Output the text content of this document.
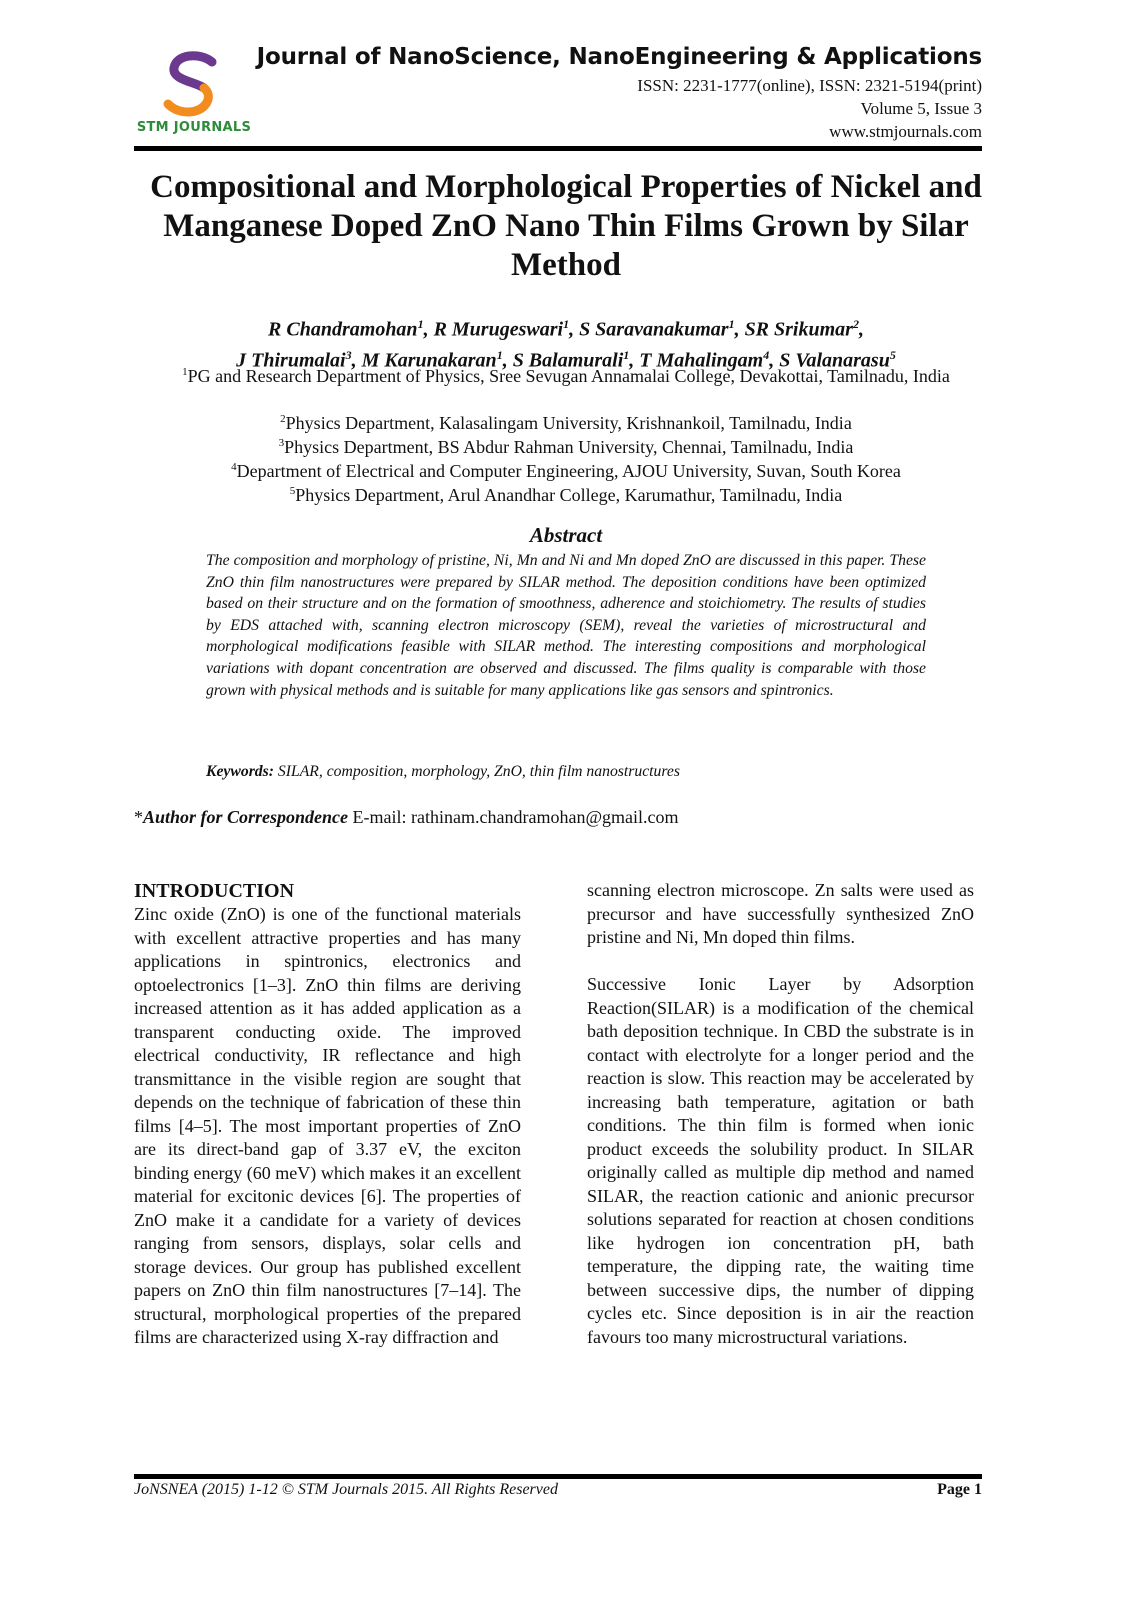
STM JOURNALS
Journal of NanoScience, NanoEngineering & Applications
ISSN: 2231-1777(online), ISSN: 2321-5194(print)
Volume 5, Issue 3
www.stmjournals.com
Compositional and Morphological Properties of Nickel and Manganese Doped ZnO Nano Thin Films Grown by Silar Method
R Chandramohan$^1$, R Murugeswari$^1$, S Saravanakumar$^1$, SR Srikumar$^2$,
J Thirumalai$^3$, M Karunakaran$^1$, S Balamurali$^1$, T Mahalingam$^4$, S Valanarasu$^5$
$^1$PG and Research Department of Physics, Sree Sevugan Annamalai College, Devakottai, Tamilnadu, India
$^2$Physics Department, Kalasalingam University, Krishnankoil, Tamilnadu, India
$^3$Physics Department, BS Abdur Rahman University, Chennai, Tamilnadu, India
$^4$Department of Electrical and Computer Engineering, AJOU University, Suvan, South Korea
$^5$Physics Department, Arul Anandhar College, Karumathur, Tamilnadu, India
Abstract
The composition and morphology of pristine, Ni, Mn and Ni and Mn doped ZnO are discussed in this paper. These ZnO thin film nanostructures were prepared by SILAR method. The deposition conditions have been optimized based on their structure and on the formation of smoothness, adherence and stoichiometry. The results of studies by EDS attached with, scanning electron microscopy (SEM), reveal the varieties of microstructural and morphological modifications feasible with SILAR method. The interesting compositions and morphological variations with dopant concentration are observed and discussed. The films quality is comparable with those grown with physical methods and is suitable for many applications like gas sensors and spintronics.
Keywords: SILAR, composition, morphology, ZnO, thin film nanostructures
*Author for Correspondence E-mail: rathinam.chandramohan@gmail.com
INTRODUCTION

Zinc oxide (ZnO) is one of the functional materials with excellent attractive properties and has many applications in spintronics, electronics and optoelectronics [1–3]. ZnO thin films are deriving increased attention as it has added application as a transparent conducting oxide. The improved electrical conductivity, IR reflectance and high transmittance in the visible region are sought that depends on the technique of fabrication of these thin films [4–5]. The most important properties of ZnO are its direct-band gap of 3.37 eV, the exciton binding energy (60 meV) which makes it an excellent material for excitonic devices [6]. The properties of ZnO make it a candidate for a variety of devices ranging from sensors, displays, solar cells and storage devices. Our group has published excellent papers on ZnO thin film nanostructures [7–14]. The structural, morphological properties of the prepared films are characterized using X-ray diffraction and

scanning electron microscope. Zn salts were used as precursor and have successfully synthesized ZnO pristine and Ni, Mn doped thin films.

Successive Ionic Layer by Adsorption Reaction(SILAR) is a modification of the chemical bath deposition technique. In CBD the substrate is in contact with electrolyte for a longer period and the reaction is slow. This reaction may be accelerated by increasing bath temperature, agitation or bath conditions. The thin film is formed when ionic product exceeds the solubility product. In SILAR originally called as multiple dip method and named SILAR, the reaction cationic and anionic precursor solutions separated for reaction at chosen conditions like hydrogen ion concentration pH, bath temperature, the dipping rate, the waiting time between successive dips, the number of dipping cycles etc. Since deposition is in air the reaction favours too many microstructural variations.

JoNSNEA (2015) 1-12 © STM Journals 2015. All Rights Reserved	Page 1
